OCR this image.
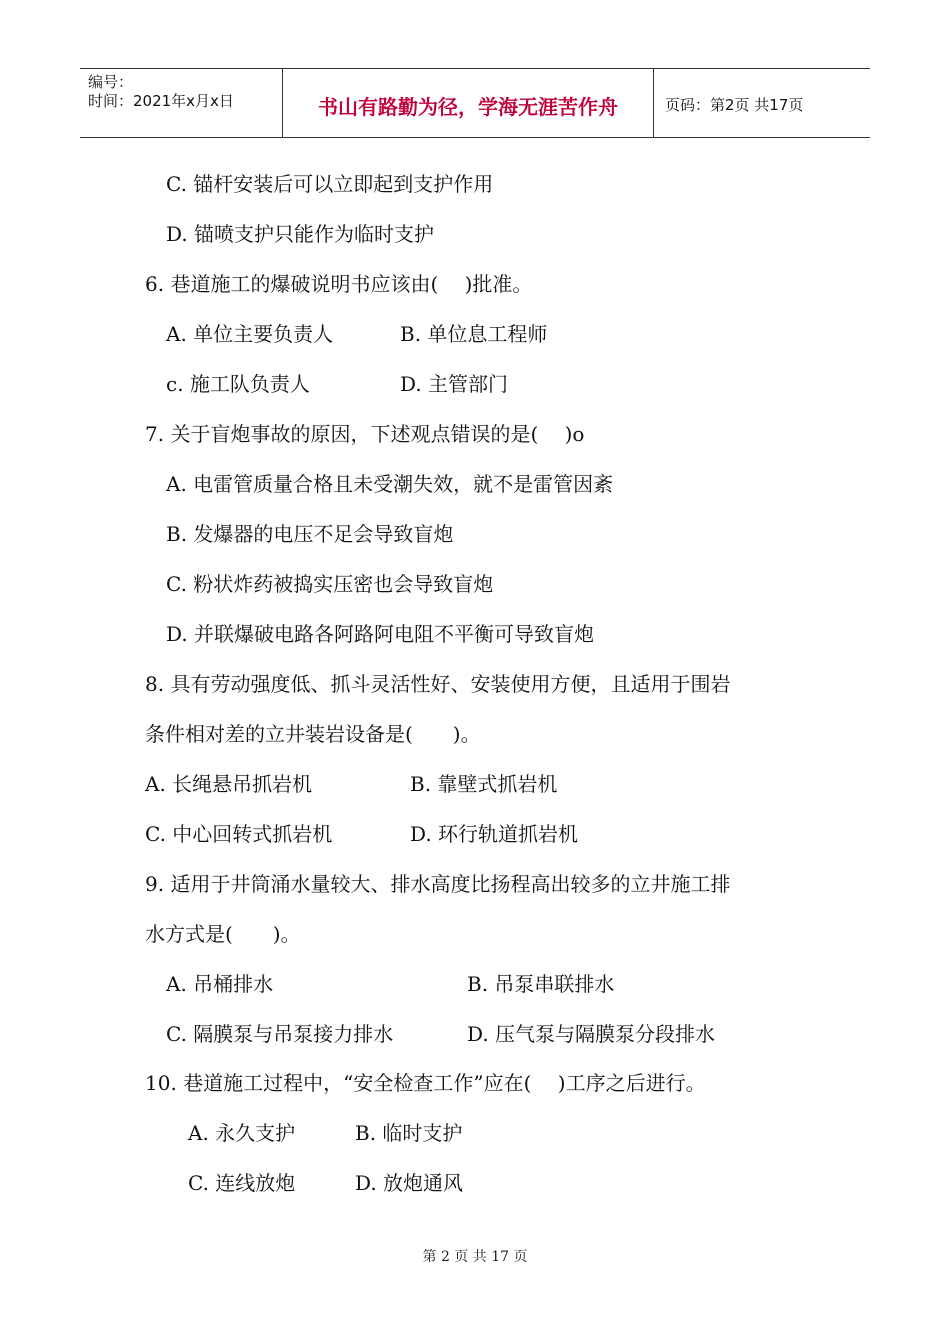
编号：
时间：2021年x月x日	书山有路勤为径，学海无涯苦作舟	页码：第2页 共17页
C. 锚杆安装后可以立即起到支护作用
D. 锚喷支护只能作为临时支护
6. 巷道施工的爆破说明书应该由(　 )批准。
A. 单位主要负责人	B. 单位息工程师
c. 施工队负责人	D. 主管部门
7. 关于盲炮事故的原因，下述观点错误的是(　 )o
A. 电雷管质量合格且未受潮失效，就不是雷管因紊
B. 发爆器的电压不足会导致盲炮
C. 粉状炸药被捣实压密也会导致盲炮
D. 并联爆破电路各阿路阿电阻不平衡可导致盲炮
8. 具有劳动强度低、抓斗灵活性好、安装使用方便，且适用于围岩
条件相对差的立井装岩设备是(　　)。
A. 长绳悬吊抓岩机	B. 靠壁式抓岩机
C. 中心回转式抓岩机	D. 环行轨道抓岩机
9. 适用于井筒涌水量较大、排水高度比扬程高出较多的立井施工排
水方式是(　　)。
A. 吊桶排水	B. 吊泵串联排水
C. 隔膜泵与吊泵接力排水	D. 压气泵与隔膜泵分段排水
10. 巷道施工过程中，“安全检查工作”应在(　 )工序之后进行。
A. 永久支护	B. 临时支护
C. 连线放炮	D. 放炮通风
第 2 页 共 17 页
